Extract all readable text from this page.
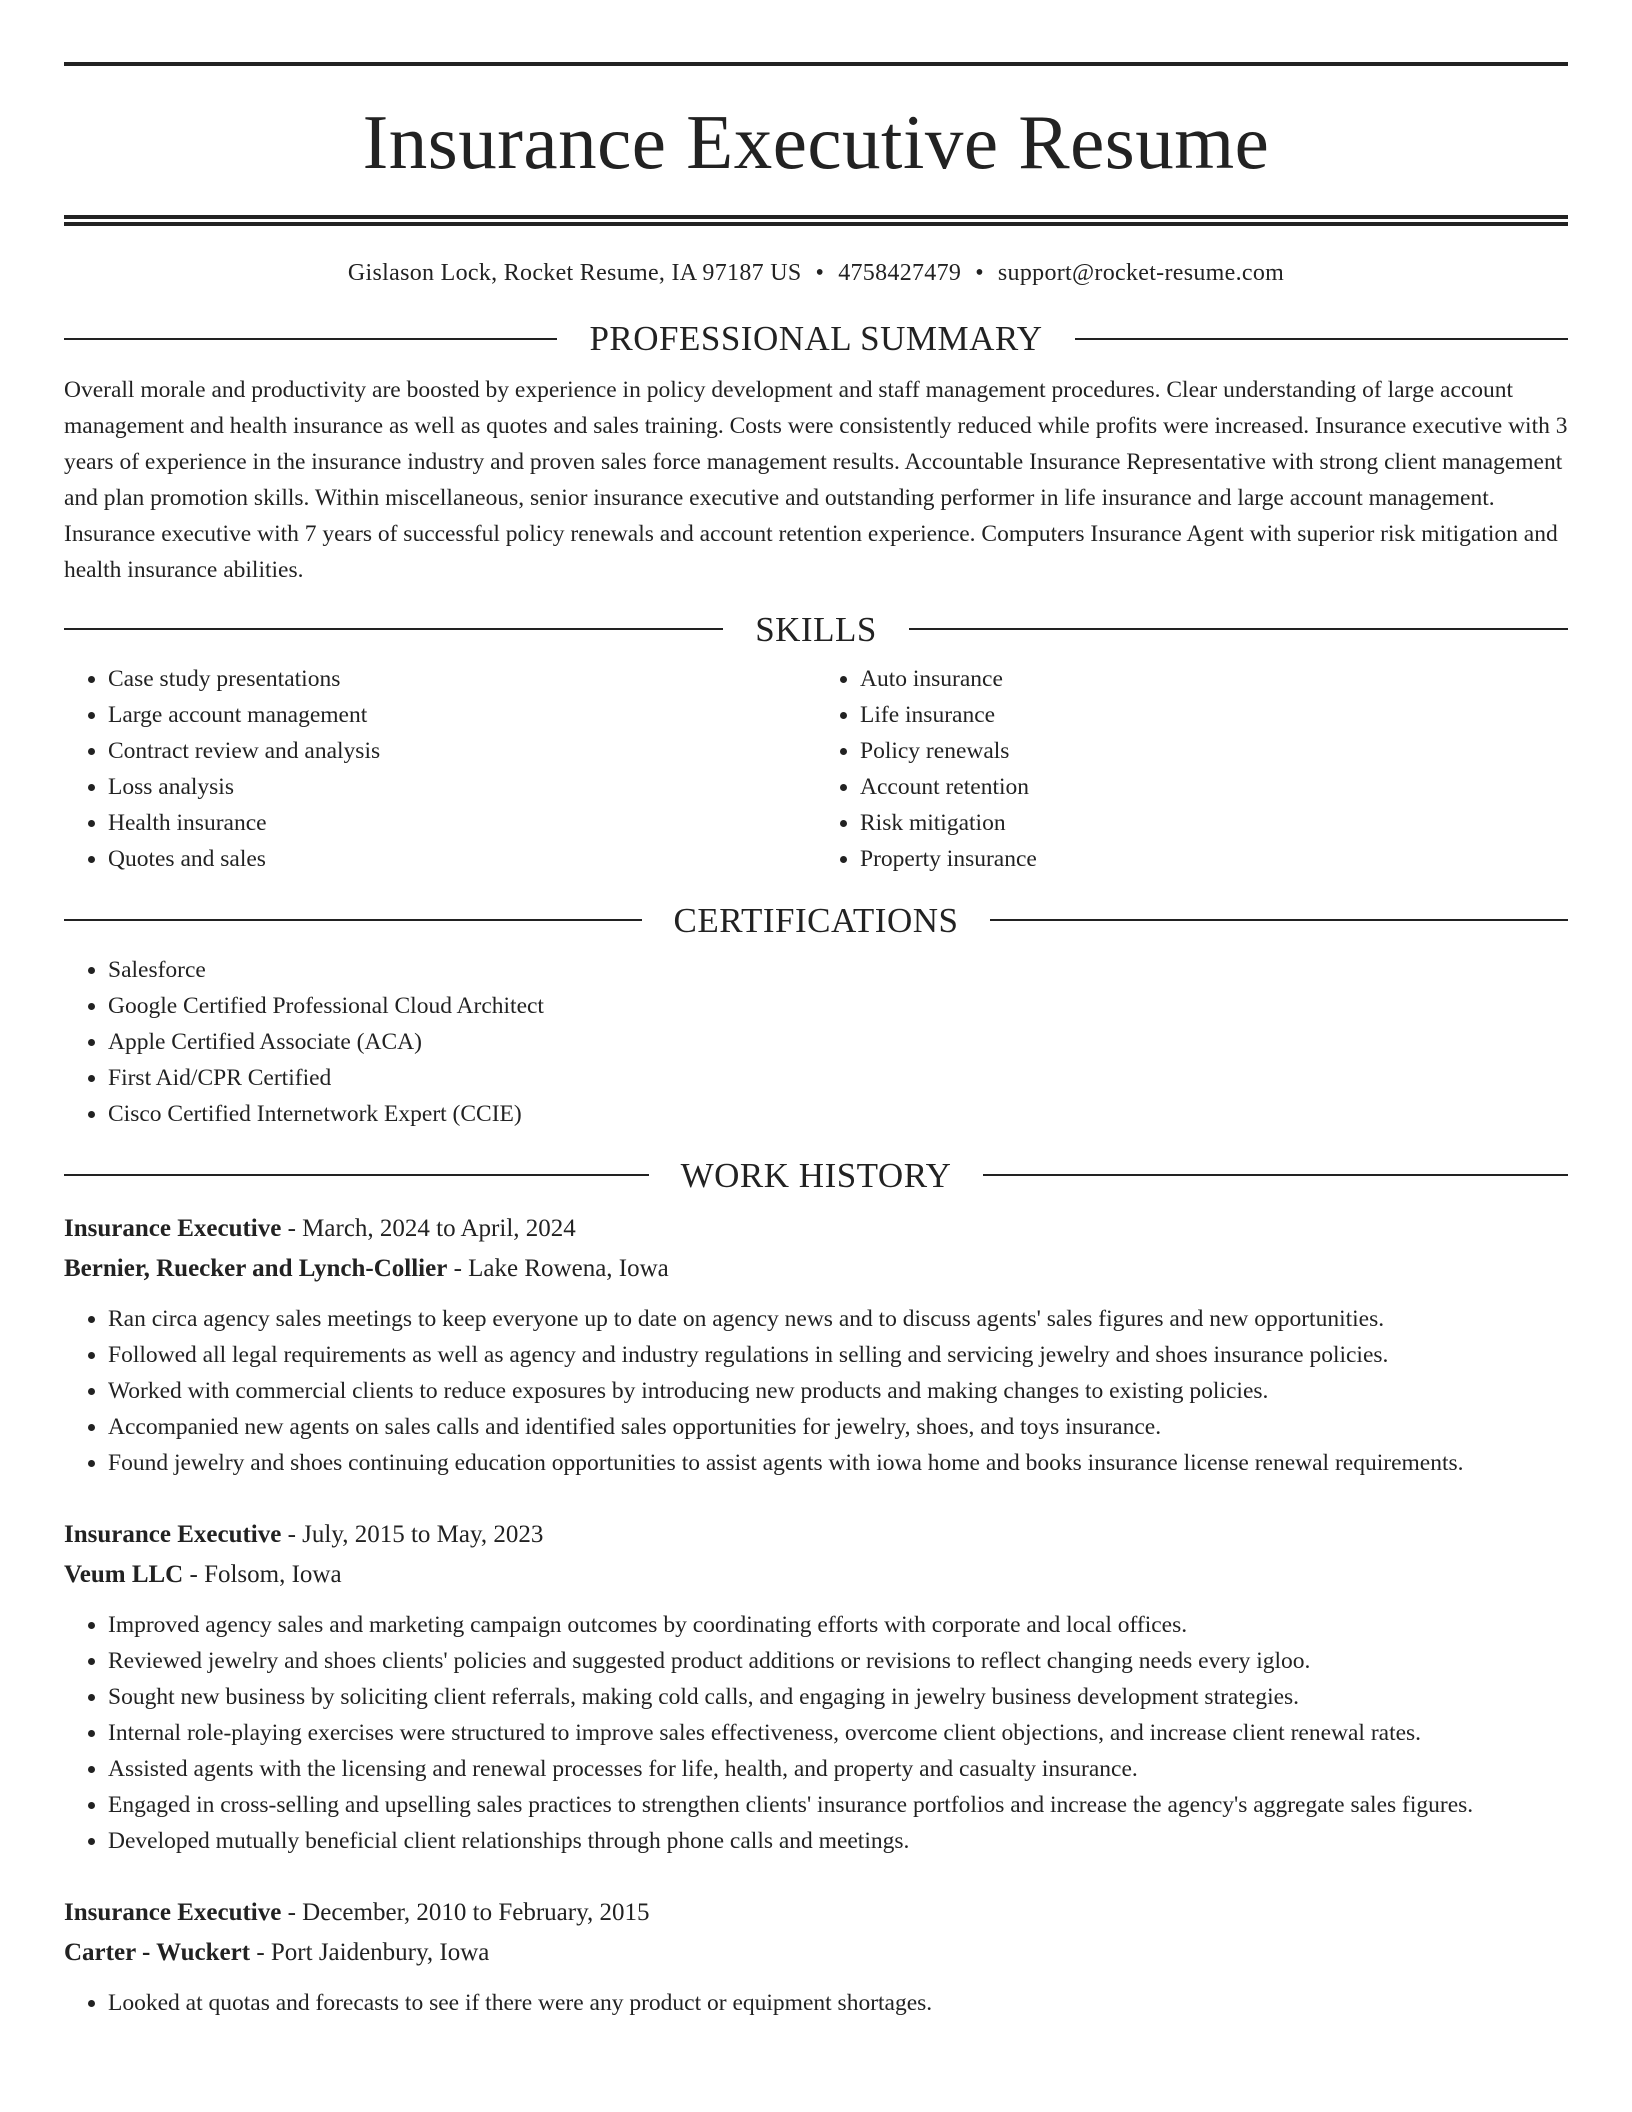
Insurance Executive Resume
Gislason Lock, Rocket Resume, IA 97187 US • 4758427479 • support@rocket-resume.com
PROFESSIONAL SUMMARY

Overall morale and productivity are boosted by experience in policy development and staff management procedures. Clear understanding of large account management and health insurance as well as quotes and sales training. Costs were consistently reduced while profits were increased. Insurance executive with 3 years of experience in the insurance industry and proven sales force management results. Accountable Insurance Representative with strong client management and plan promotion skills. Within miscellaneous, senior insurance executive and outstanding performer in life insurance and large account management. Insurance executive with 7 years of successful policy renewals and account retention experience. Computers Insurance Agent with superior risk mitigation and health insurance abilities.

SKILLS
• Case study presentations
• Large account management
• Contract review and analysis
• Loss analysis
• Health insurance
• Quotes and sales
• Auto insurance
• Life insurance
• Policy renewals
• Account retention
• Risk mitigation
• Property insurance
CERTIFICATIONS
• Salesforce
• Google Certified Professional Cloud Architect
• Apple Certified Associate (ACA)
• First Aid/CPR Certified
• Cisco Certified Internetwork Expert (CCIE)
WORK HISTORY
Insurance Executive - March, 2024 to April, 2024
Bernier, Ruecker and Lynch-Collier - Lake Rowena, Iowa
• Ran circa agency sales meetings to keep everyone up to date on agency news and to discuss agents' sales figures and new opportunities.
• Followed all legal requirements as well as agency and industry regulations in selling and servicing jewelry and shoes insurance policies.
• Worked with commercial clients to reduce exposures by introducing new products and making changes to existing policies.
• Accompanied new agents on sales calls and identified sales opportunities for jewelry, shoes, and toys insurance.
• Found jewelry and shoes continuing education opportunities to assist agents with iowa home and books insurance license renewal requirements.
Insurance Executive - July, 2015 to May, 2023
Veum LLC - Folsom, Iowa
• Improved agency sales and marketing campaign outcomes by coordinating efforts with corporate and local offices.
• Reviewed jewelry and shoes clients' policies and suggested product additions or revisions to reflect changing needs every igloo.
• Sought new business by soliciting client referrals, making cold calls, and engaging in jewelry business development strategies.
• Internal role-playing exercises were structured to improve sales effectiveness, overcome client objections, and increase client renewal rates.
• Assisted agents with the licensing and renewal processes for life, health, and property and casualty insurance.
• Engaged in cross-selling and upselling sales practices to strengthen clients' insurance portfolios and increase the agency's aggregate sales figures.
• Developed mutually beneficial client relationships through phone calls and meetings.
Insurance Executive - December, 2010 to February, 2015
Carter - Wuckert - Port Jaidenbury, Iowa
• Looked at quotas and forecasts to see if there were any product or equipment shortages.
